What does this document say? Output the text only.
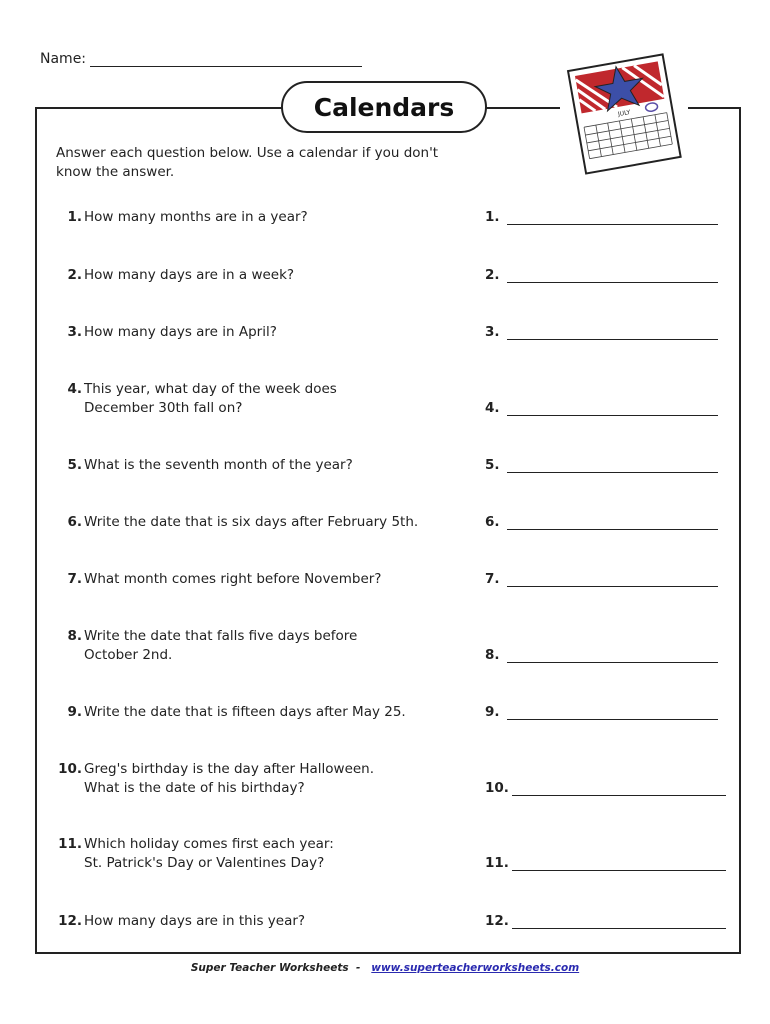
Name:
Calendars	JULY
Answer each question below. Use a calendar if you don't know the answer.
1. How many months are in a year?	1.
2. How many days are in a week?	2.
3. How many days are in April?	3.
4. This year, what day of the week does
December 30th fall on?	4.
5. What is the seventh month of the year?	5.
6. Write the date that is six days after February 5th.	6.
7. What month comes right before November?	7.
8. Write the date that falls five days before
October 2nd.	8.
9. Write the date that is fifteen days after May 25.	9.
10. Greg's birthday is the day after Halloween.
What is the date of his birthday?	10.
11. Which holiday comes first each year:
St. Patrick's Day or Valentines Day?	11.
12. How many days are in this year?	12.
Super Teacher Worksheets - www.superteacherworksheets.com
